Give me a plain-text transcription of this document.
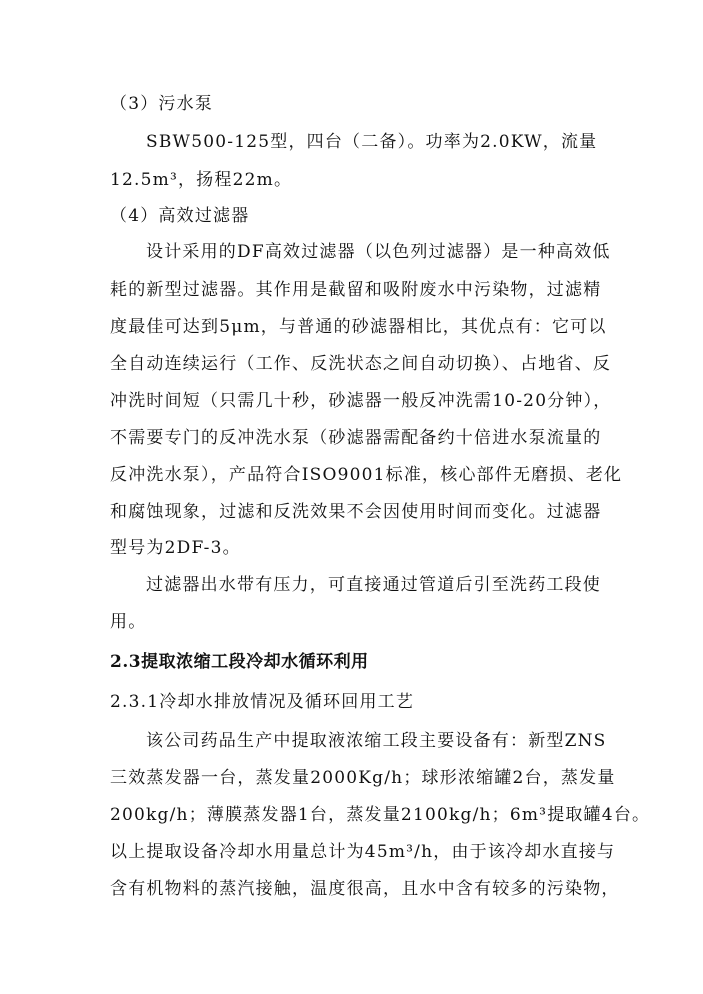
（3）污水泵
SBW500-125型，四台（二备）。功率为2.0KW，流量
12.5m³，扬程22m。
（4）高效过滤器
设计采用的DF高效过滤器（以色列过滤器）是一种高效低
耗的新型过滤器。其作用是截留和吸附废水中污染物，过滤精
度最佳可达到5μm，与普通的砂滤器相比，其优点有：它可以
全自动连续运行（工作、反洗状态之间自动切换）、占地省、反
冲洗时间短（只需几十秒，砂滤器一般反冲洗需10-20分钟），
不需要专门的反冲洗水泵（砂滤器需配备约十倍进水泵流量的
反冲洗水泵），产品符合ISO9001标准，核心部件无磨损、老化
和腐蚀现象，过滤和反洗效果不会因使用时间而变化。过滤器
型号为2DF-3。
过滤器出水带有压力，可直接通过管道后引至洗药工段使
用。
2.3提取浓缩工段冷却水循环利用
2.3.1冷却水排放情况及循环回用工艺
该公司药品生产中提取液浓缩工段主要设备有：新型ZNS
三效蒸发器一台，蒸发量2000Kg/h；球形浓缩罐2台，蒸发量
200kg/h；薄膜蒸发器1台，蒸发量2100kg/h；6m³提取罐4台。
以上提取设备冷却水用量总计为45m³/h，由于该冷却水直接与
含有机物料的蒸汽接触，温度很高，且水中含有较多的污染物，
